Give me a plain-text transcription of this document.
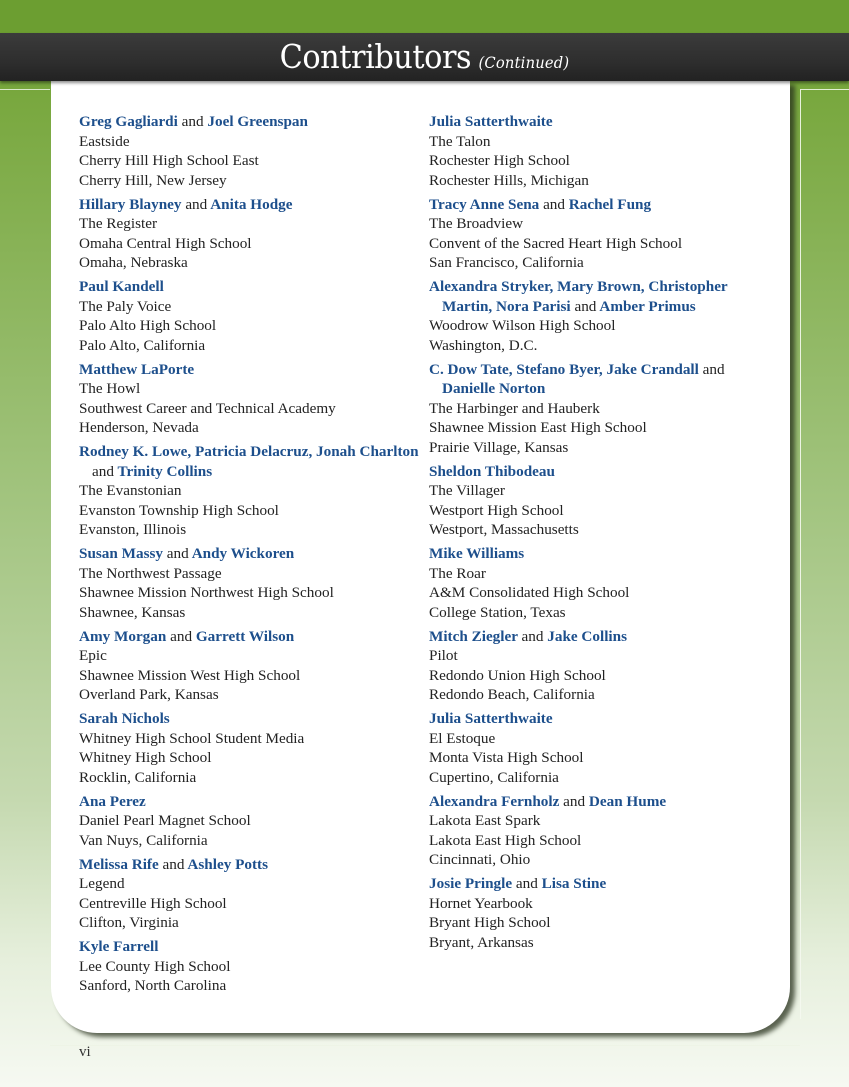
Contributors (Continued)
Greg Gagliardi and Joel Greenspan
Eastside
Cherry Hill High School East
Cherry Hill, New Jersey
Hillary Blayney and Anita Hodge
The Register
Omaha Central High School
Omaha, Nebraska
Paul Kandell
The Paly Voice
Palo Alto High School
Palo Alto, California
Matthew LaPorte
The Howl
Southwest Career and Technical Academy
Henderson, Nevada
Rodney K. Lowe, Patricia Delacruz, Jonah Charlton and Trinity Collins
The Evanstonian
Evanston Township High School
Evanston, Illinois
Susan Massy and Andy Wickoren
The Northwest Passage
Shawnee Mission Northwest High School
Shawnee, Kansas
Amy Morgan and Garrett Wilson
Epic
Shawnee Mission West High School
Overland Park, Kansas
Sarah Nichols
Whitney High School Student Media
Whitney High School
Rocklin, California
Ana Perez
Daniel Pearl Magnet School
Van Nuys, California
Melissa Rife and Ashley Potts
Legend
Centreville High School
Clifton, Virginia
Kyle Farrell
Lee County High School
Sanford, North Carolina
Julia Satterthwaite
The Talon
Rochester High School
Rochester Hills, Michigan
Tracy Anne Sena and Rachel Fung
The Broadview
Convent of the Sacred Heart High School
San Francisco, California
Alexandra Stryker, Mary Brown, Christopher Martin, Nora Parisi and Amber Primus
Woodrow Wilson High School
Washington, D.C.
C. Dow Tate, Stefano Byer, Jake Crandall and Danielle Norton
The Harbinger and Hauberk
Shawnee Mission East High School
Prairie Village, Kansas
Sheldon Thibodeau
The Villager
Westport High School
Westport, Massachusetts
Mike Williams
The Roar
A&M Consolidated High School
College Station, Texas
Mitch Ziegler and Jake Collins
Pilot
Redondo Union High School
Redondo Beach, California
Julia Satterthwaite
El Estoque
Monta Vista High School
Cupertino, California
Alexandra Fernholz and Dean Hume
Lakota East Spark
Lakota East High School
Cincinnati, Ohio
Josie Pringle and Lisa Stine
Hornet Yearbook
Bryant High School
Bryant, Arkansas
vi
